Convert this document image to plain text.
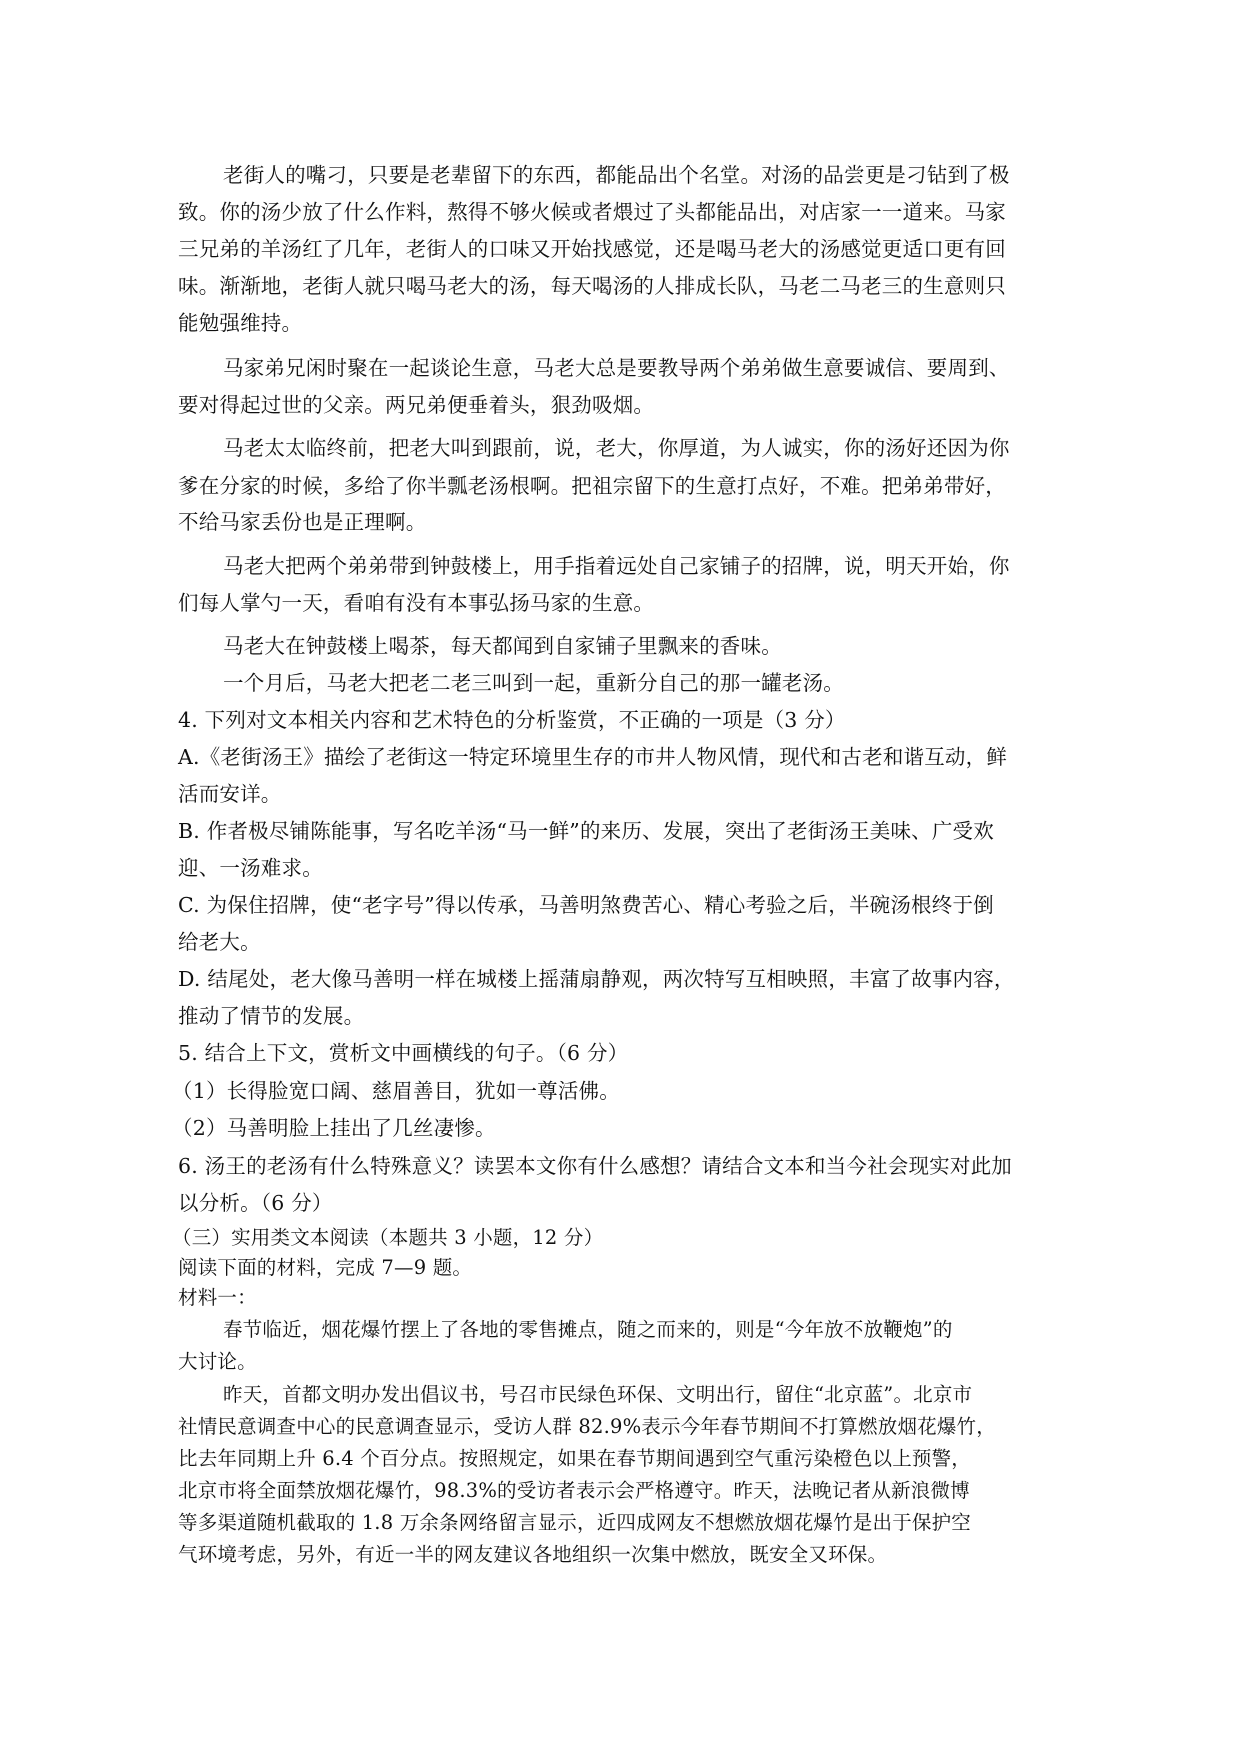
老街人的嘴刁，只要是老辈留下的东西，都能品出个名堂。对汤的品尝更是刁钻到了极
致。你的汤少放了什么作料，熬得不够火候或者煨过了头都能品出，对店家一一道来。马家
三兄弟的羊汤红了几年，老街人的口味又开始找感觉，还是喝马老大的汤感觉更适口更有回
味。渐渐地，老街人就只喝马老大的汤，每天喝汤的人排成长队，马老二马老三的生意则只
能勉强维持。
马家弟兄闲时聚在一起谈论生意，马老大总是要教导两个弟弟做生意要诚信、要周到、
要对得起过世的父亲。两兄弟便垂着头，狠劲吸烟。
马老太太临终前，把老大叫到跟前，说，老大，你厚道，为人诚实，你的汤好还因为你
爹在分家的时候，多给了你半瓢老汤根啊。把祖宗留下的生意打点好，不难。把弟弟带好，
不给马家丢份也是正理啊。
马老大把两个弟弟带到钟鼓楼上，用手指着远处自己家铺子的招牌，说，明天开始，你
们每人掌勺一天，看咱有没有本事弘扬马家的生意。
马老大在钟鼓楼上喝茶，每天都闻到自家铺子里飘来的香味。
一个月后，马老大把老二老三叫到一起，重新分自己的那一罐老汤。
4. 下列对文本相关内容和艺术特色的分析鉴赏，不正确的一项是（3 分）
A.《老街汤王》描绘了老街这一特定环境里生存的市井人物风情，现代和古老和谐互动，鲜
活而安详。
B. 作者极尽铺陈能事，写名吃羊汤“马一鲜”的来历、发展，突出了老街汤王美味、广受欢
迎、一汤难求。
C. 为保住招牌，使“老字号”得以传承，马善明煞费苦心、精心考验之后，半碗汤根终于倒
给老大。
D. 结尾处，老大像马善明一样在城楼上摇蒲扇静观，两次特写互相映照，丰富了故事内容，
推动了情节的发展。
5. 结合上下文，赏析文中画横线的句子。（6 分）
（1）长得脸宽口阔、慈眉善目，犹如一尊活佛。
（2）马善明脸上挂出了几丝凄惨。
6. 汤王的老汤有什么特殊意义？读罢本文你有什么感想？请结合文本和当今社会现实对此加
以分析。（6 分）
（三）实用类文本阅读（本题共 3 小题，12 分）
阅读下面的材料，完成 7—9 题。
材料一：
春节临近，烟花爆竹摆上了各地的零售摊点，随之而来的，则是“今年放不放鞭炮”的
大讨论。
昨天，首都文明办发出倡议书，号召市民绿色环保、文明出行，留住“北京蓝”。北京市
社情民意调查中心的民意调查显示，受访人群 82.9%表示今年春节期间不打算燃放烟花爆竹，
比去年同期上升 6.4 个百分点。按照规定，如果在春节期间遇到空气重污染橙色以上预警，
北京市将全面禁放烟花爆竹，98.3%的受访者表示会严格遵守。昨天，法晚记者从新浪微博
等多渠道随机截取的 1.8 万余条网络留言显示，近四成网友不想燃放烟花爆竹是出于保护空
气环境考虑，另外，有近一半的网友建议各地组织一次集中燃放，既安全又环保。
